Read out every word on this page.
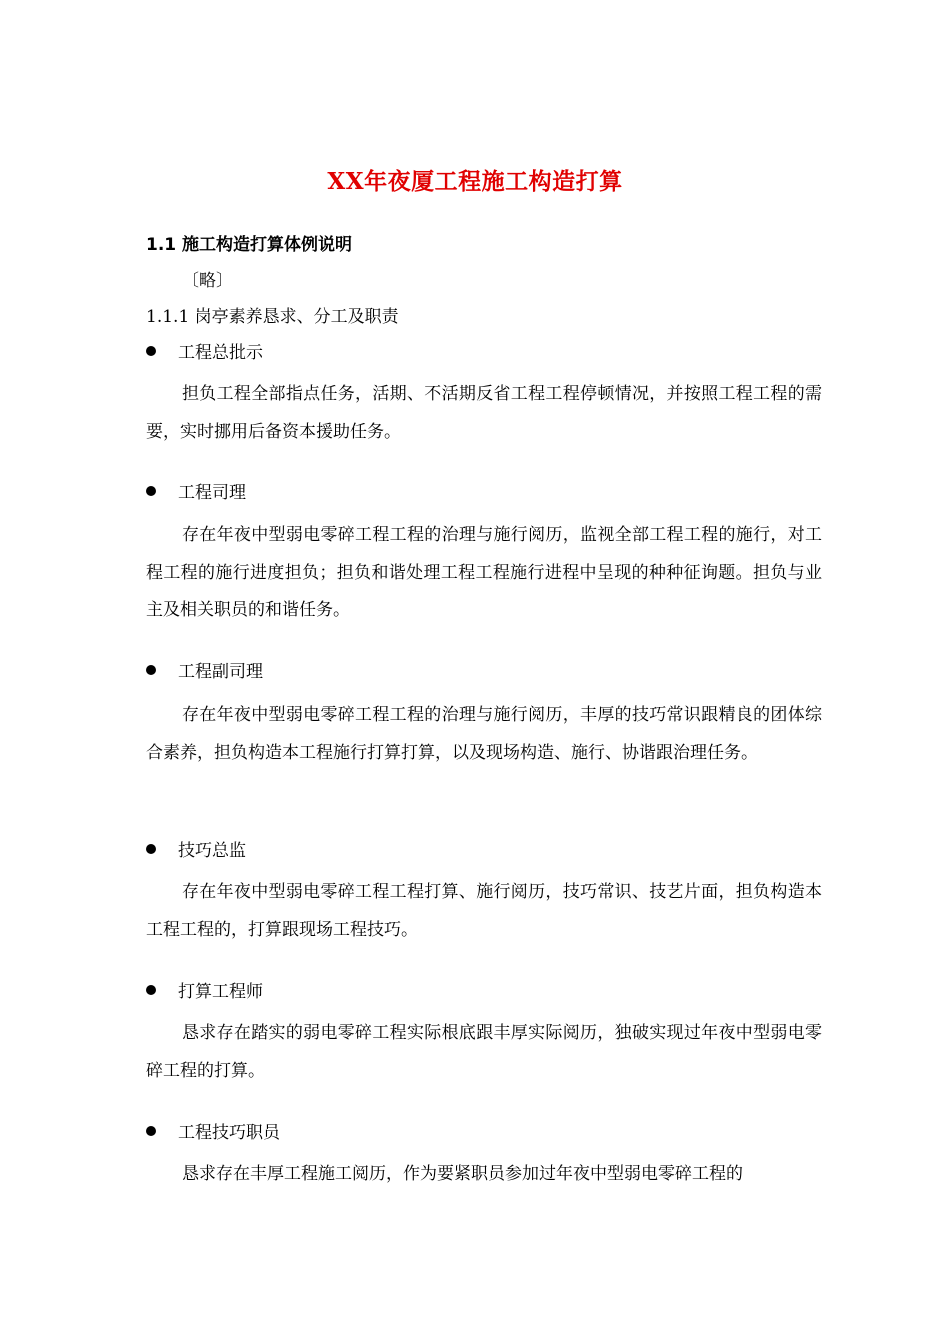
XX年夜厦工程施工构造打算
1.1 施工构造打算体例说明
〔略〕
1.1.1 岗亭素养恳求、分工及职责
工程总批示
担负工程全部指点任务，活期、不活期反省工程工程停顿情况，并按照工程工程的需要，实时挪用后备资本援助任务。
工程司理
存在年夜中型弱电零碎工程工程的治理与施行阅历，监视全部工程工程的施行，对工程工程的施行进度担负；担负和谐处理工程工程施行进程中呈现的种种征询题。担负与业主及相关职员的和谐任务。
工程副司理
存在年夜中型弱电零碎工程工程的治理与施行阅历，丰厚的技巧常识跟精良的团体综合素养，担负构造本工程施行打算打算，以及现场构造、施行、协谐跟治理任务。
技巧总监
存在年夜中型弱电零碎工程工程打算、施行阅历，技巧常识、技艺片面，担负构造本工程工程的，打算跟现场工程技巧。
打算工程师
恳求存在踏实的弱电零碎工程实际根底跟丰厚实际阅历，独破实现过年夜中型弱电零碎工程的打算。
工程技巧职员
恳求存在丰厚工程施工阅历，作为要紧职员参加过年夜中型弱电零碎工程的
